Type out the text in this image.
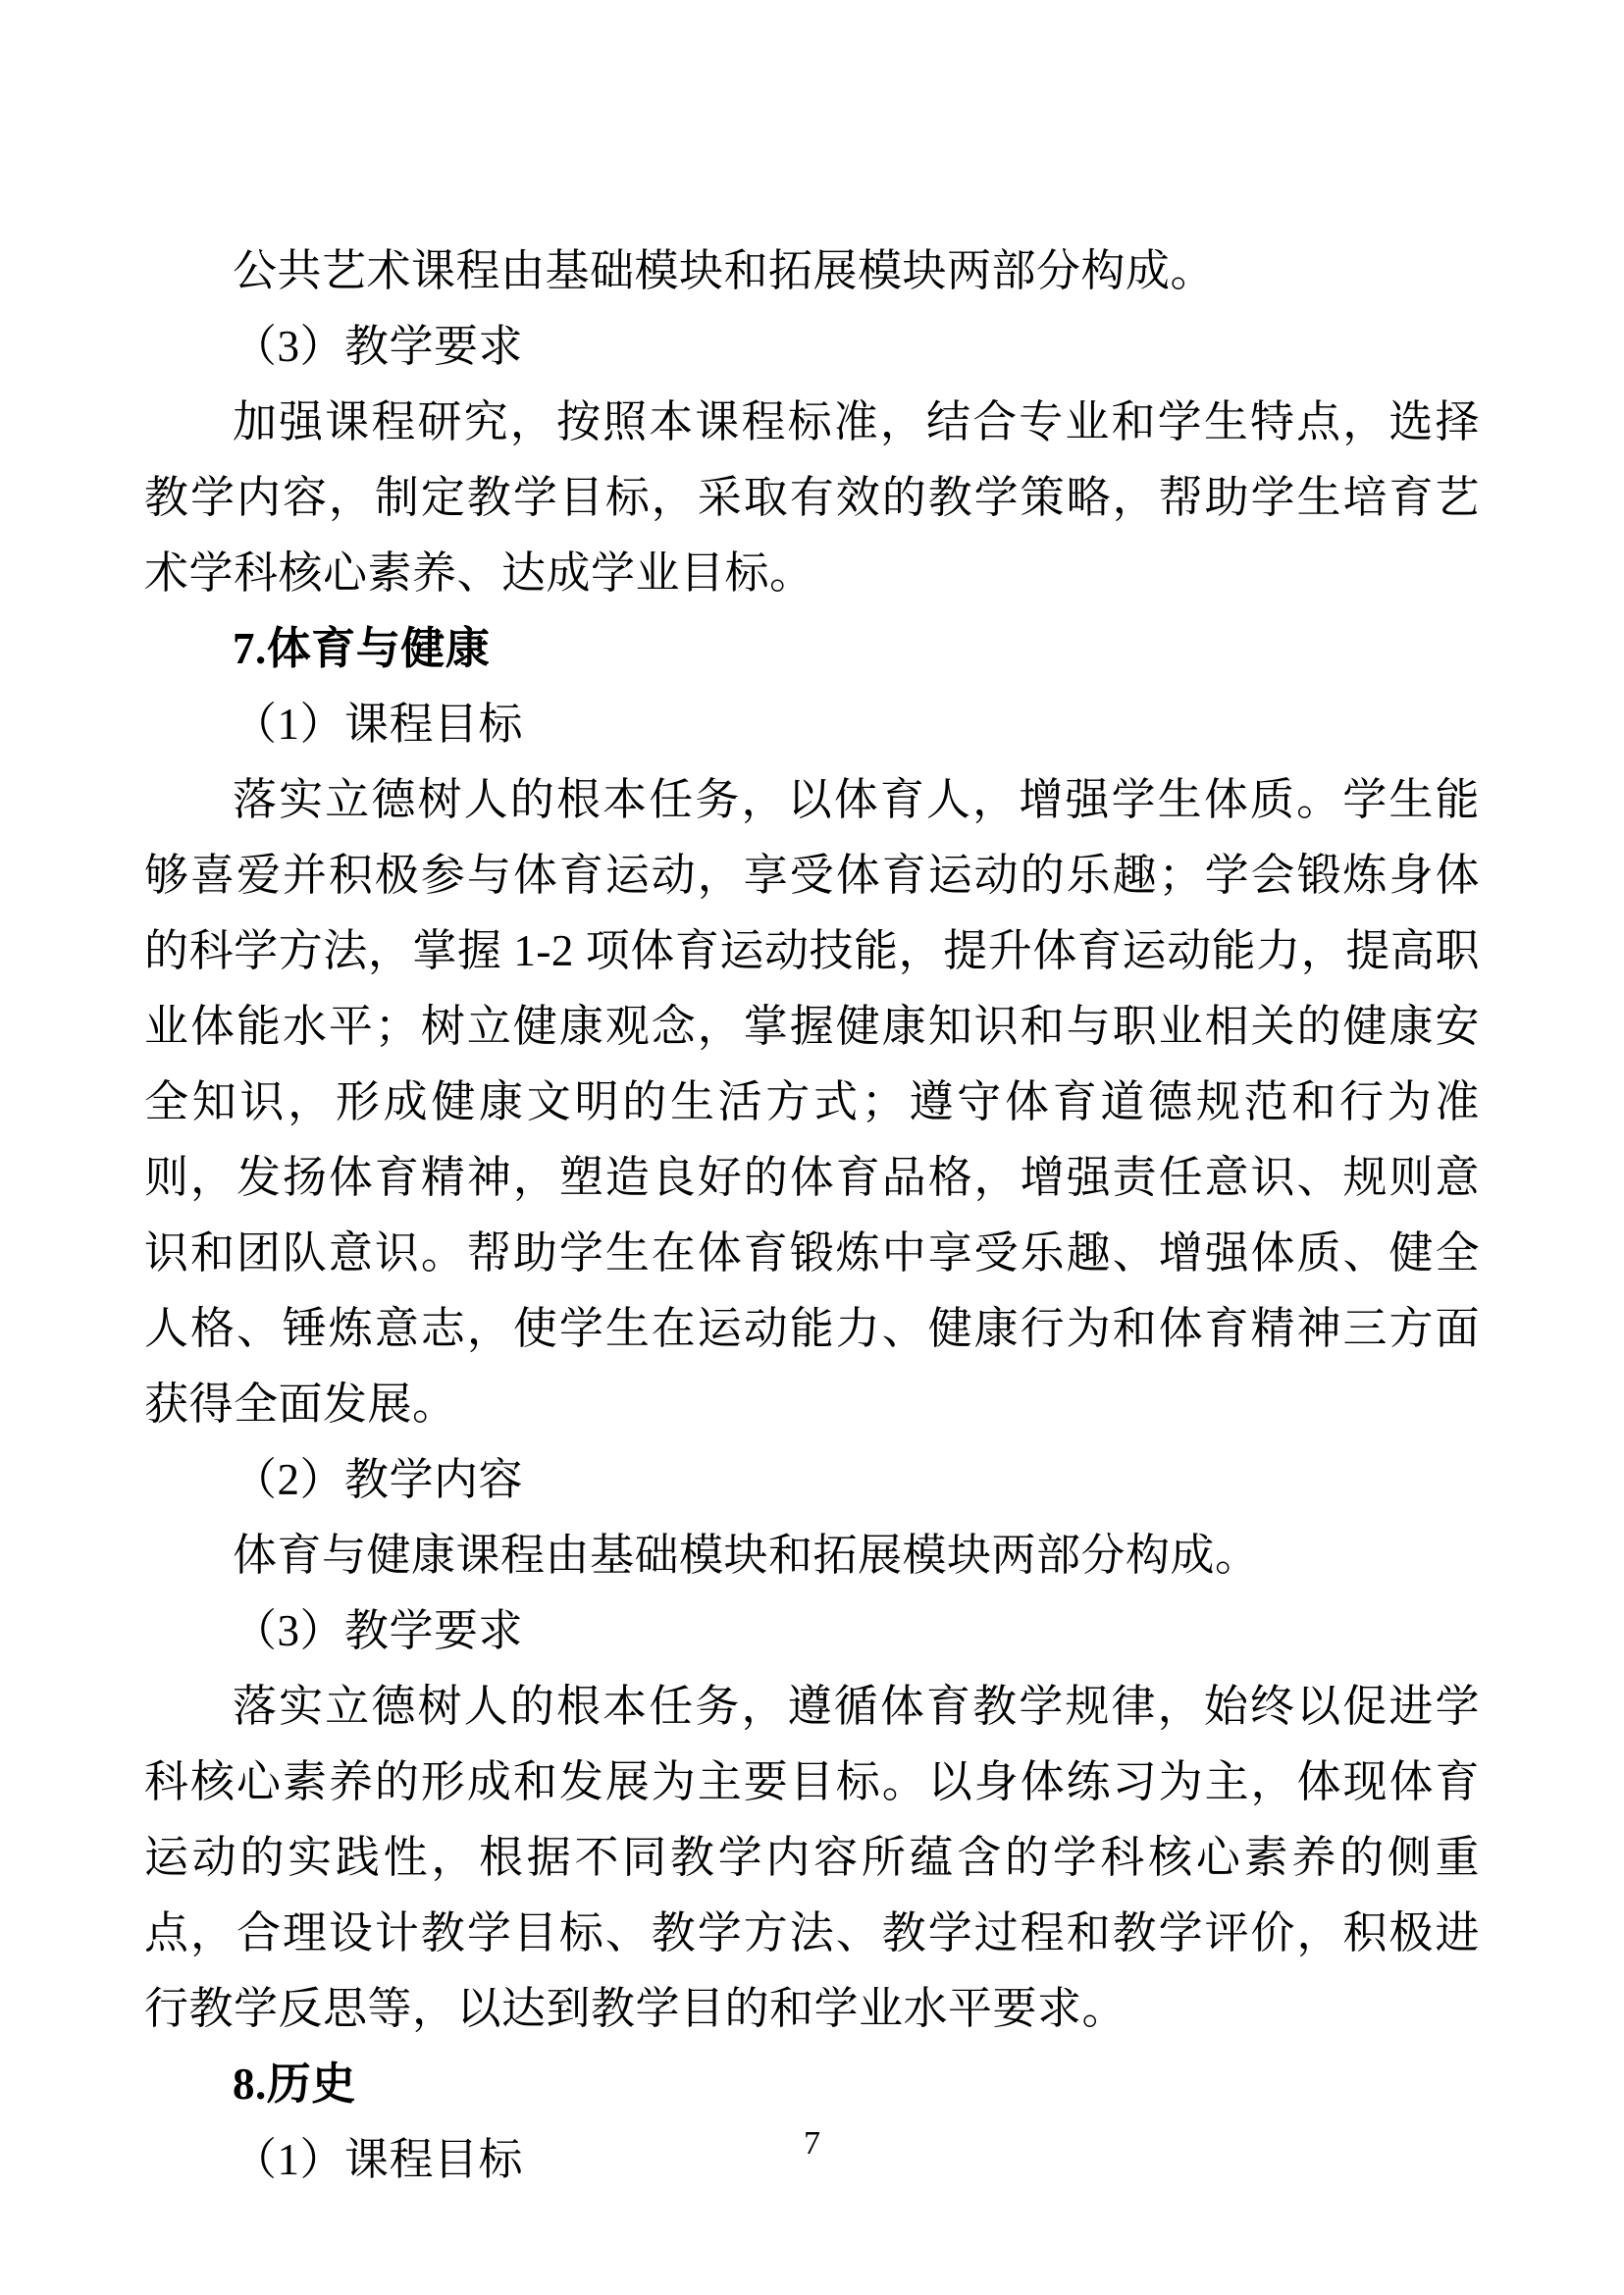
公共艺术课程由基础模块和拓展模块两部分构成。

（3）教学要求

加强课程研究，按照本课程标准，结合专业和学生特点，选择教学内容，制定教学目标，采取有效的教学策略，帮助学生培育艺术学科核心素养、达成学业目标。

7.体育与健康

（1）课程目标

落实立德树人的根本任务，以体育人，增强学生体质。学生能够喜爱并积极参与体育运动，享受体育运动的乐趣；学会锻炼身体的科学方法，掌握 1-2 项体育运动技能，提升体育运动能力，提高职业体能水平；树立健康观念，掌握健康知识和与职业相关的健康安全知识，形成健康文明的生活方式；遵守体育道德规范和行为准则，发扬体育精神，塑造良好的体育品格，增强责任意识、规则意识和团队意识。帮助学生在体育锻炼中享受乐趣、增强体质、健全人格、锤炼意志，使学生在运动能力、健康行为和体育精神三方面获得全面发展。

（2）教学内容

体育与健康课程由基础模块和拓展模块两部分构成。

（3）教学要求

落实立德树人的根本任务，遵循体育教学规律，始终以促进学科核心素养的形成和发展为主要目标。以身体练习为主，体现体育运动的实践性，根据不同教学内容所蕴含的学科核心素养的侧重点，合理设计教学目标、教学方法、教学过程和教学评价，积极进行教学反思等，以达到教学目的和学业水平要求。

8.历史

（1）课程目标	7
